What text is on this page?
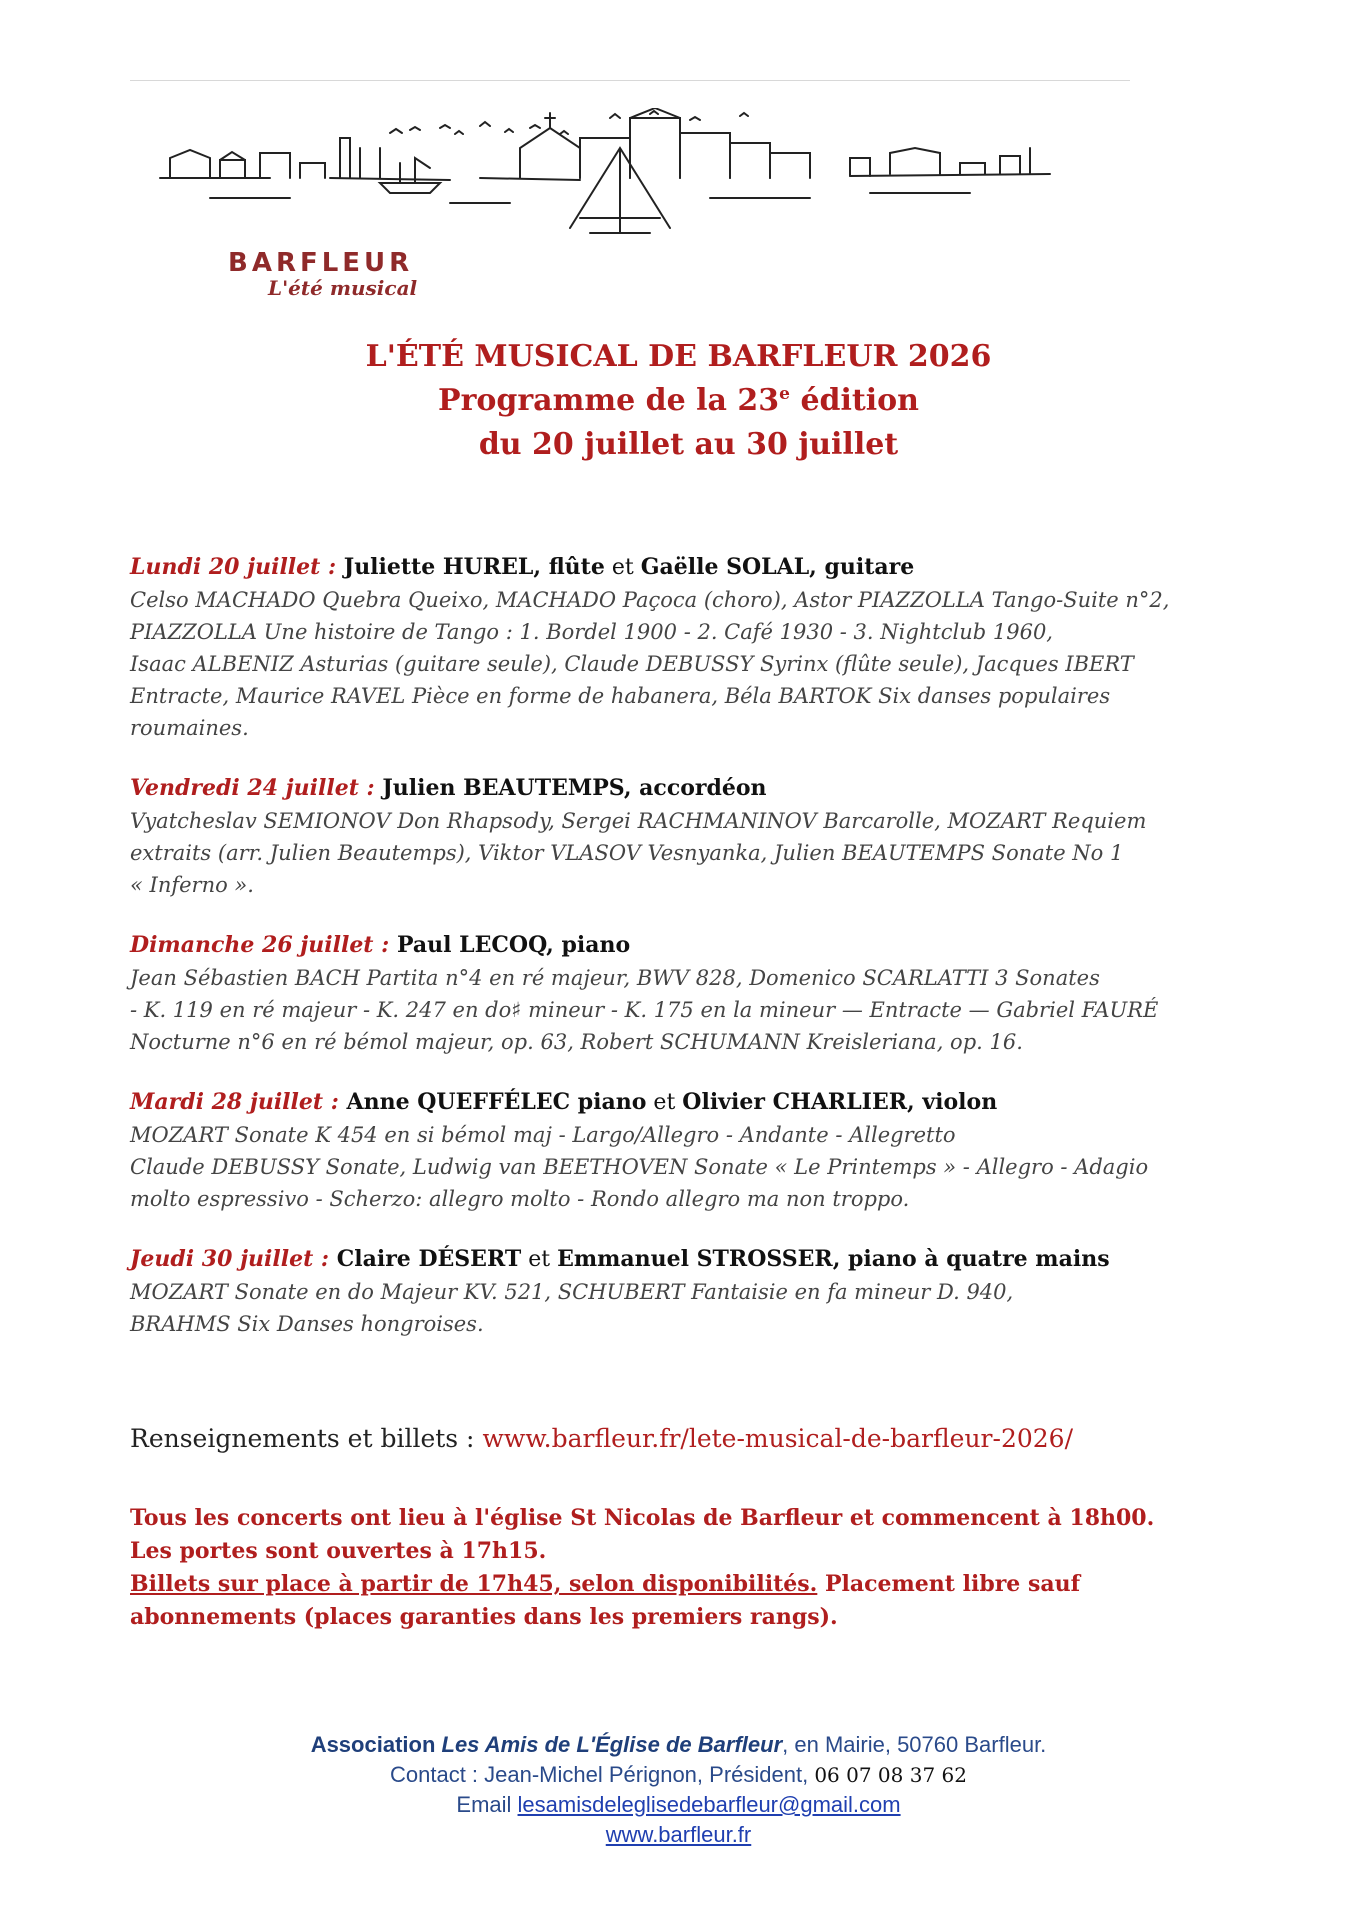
BARFLEUR
L'été musical
L'ÉTÉ MUSICAL DE BARFLEUR 2026
Programme de la 23e édition
du 20 juillet au 30 juillet
Lundi 20 juillet : Juliette HUREL, flûte et Gaëlle SOLAL, guitare
Celso MACHADO Quebra Queixo, MACHADO Paçoca (choro), Astor PIAZZOLLA Tango-Suite n°2,
PIAZZOLLA Une histoire de Tango : 1. Bordel 1900 - 2. Café 1930 - 3. Nightclub 1960,
Isaac ALBENIZ Asturias (guitare seule), Claude DEBUSSY Syrinx (flûte seule), Jacques IBERT
Entracte, Maurice RAVEL Pièce en forme de habanera, Béla BARTOK Six danses populaires
roumaines.
Vendredi 24 juillet : Julien BEAUTEMPS, accordéon
Vyatcheslav SEMIONOV Don Rhapsody, Sergei RACHMANINOV Barcarolle, MOZART Requiem
extraits (arr. Julien Beautemps), Viktor VLASOV Vesnyanka, Julien BEAUTEMPS Sonate No 1
« Inferno ».
Dimanche 26 juillet : Paul LECOQ, piano
Jean Sébastien BACH Partita n°4 en ré majeur, BWV 828, Domenico SCARLATTI 3 Sonates
- K. 119 en ré majeur - K. 247 en do♯ mineur - K. 175 en la mineur — Entracte — Gabriel FAURÉ
Nocturne n°6 en ré bémol majeur, op. 63, Robert SCHUMANN Kreisleriana, op. 16.
Mardi 28 juillet : Anne QUEFFÉLEC piano et Olivier CHARLIER, violon
MOZART Sonate K 454 en si bémol maj - Largo/Allegro - Andante - Allegretto
Claude DEBUSSY Sonate, Ludwig van BEETHOVEN Sonate « Le Printemps » - Allegro - Adagio
molto espressivo - Scherzo: allegro molto - Rondo allegro ma non troppo.
Jeudi 30 juillet : Claire DÉSERT et Emmanuel STROSSER, piano à quatre mains
MOZART Sonate en do Majeur KV. 521, SCHUBERT Fantaisie en fa mineur D. 940,
BRAHMS Six Danses hongroises.
Renseignements et billets : www.barfleur.fr/lete-musical-de-barfleur-2026/
Tous les concerts ont lieu à l'église St Nicolas de Barfleur et commencent à 18h00.
Les portes sont ouvertes à 17h15.
Billets sur place à partir de 17h45, selon disponibilités. Placement libre sauf
abonnements (places garanties dans les premiers rangs).
Association Les Amis de L'Église de Barfleur, en Mairie, 50760 Barfleur.
Contact : Jean-Michel Pérignon, Président, 06 07 08 37 62
Email lesamisdeleglisedebarfleur@gmail.com
www.barfleur.fr
